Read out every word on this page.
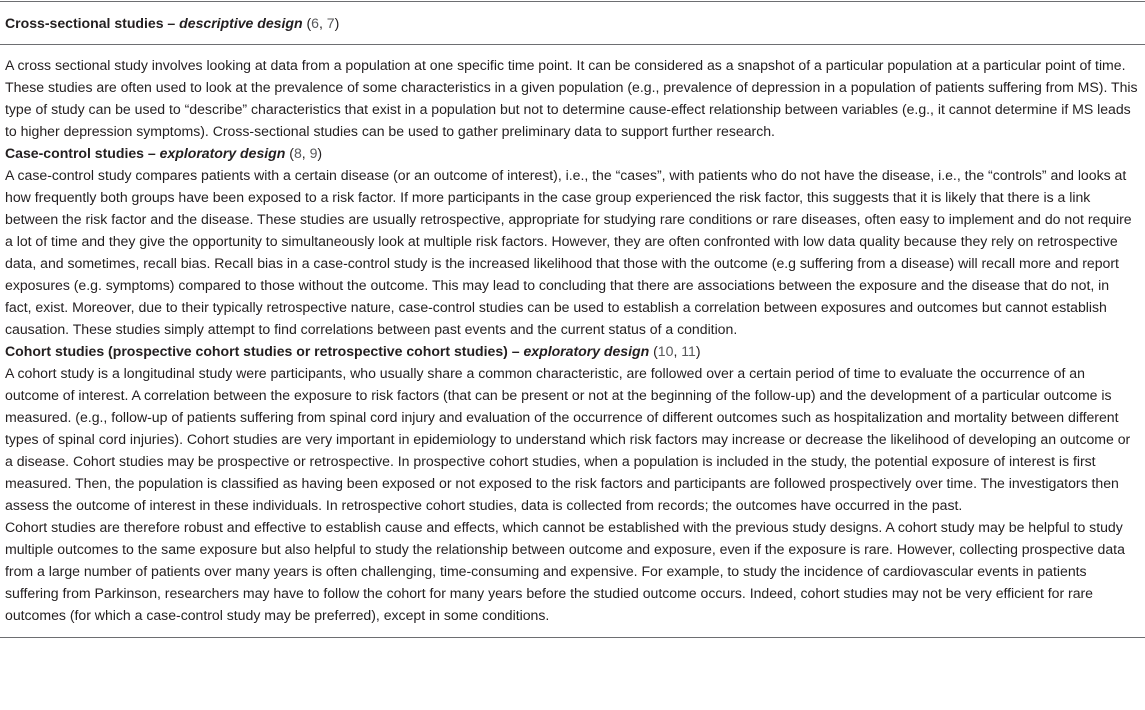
Cross-sectional studies – descriptive design (6, 7)

A cross sectional study involves looking at data from a population at one specific time point. It can be considered as a snapshot of a particular population at a particular point of time. These studies are often used to look at the prevalence of some characteristics in a given population (e.g., prevalence of depression in a population of patients suffering from MS). This type of study can be used to “describe” characteristics that exist in a population but not to determine cause-effect relationship between variables (e.g., it cannot determine if MS leads to higher depression symptoms). Cross-sectional studies can be used to gather preliminary data to support further research.

Case-control studies – exploratory design (8, 9)

A case-control study compares patients with a certain disease (or an outcome of interest), i.e., the “cases”, with patients who do not have the disease, i.e., the “controls” and looks at how frequently both groups have been exposed to a risk factor. If more participants in the case group experienced the risk factor, this suggests that it is likely that there is a link between the risk factor and the disease. These studies are usually retrospective, appropriate for studying rare conditions or rare diseases, often easy to implement and do not require a lot of time and they give the opportunity to simultaneously look at multiple risk factors. However, they are often confronted with low data quality because they rely on retrospective data, and sometimes, recall bias. Recall bias in a case-control study is the increased likelihood that those with the outcome (e.g suffering from a disease) will recall more and report exposures (e.g. symptoms) compared to those without the outcome. This may lead to concluding that there are associations between the exposure and the disease that do not, in fact, exist. Moreover, due to their typically retrospective nature, case-control studies can be used to establish a correlation between exposures and outcomes but cannot establish causation. These studies simply attempt to find correlations between past events and the current status of a condition.

Cohort studies (prospective cohort studies or retrospective cohort studies) – exploratory design (10, 11)

A cohort study is a longitudinal study were participants, who usually share a common characteristic, are followed over a certain period of time to evaluate the occurrence of an outcome of interest. A correlation between the exposure to risk factors (that can be present or not at the beginning of the follow-up) and the development of a particular outcome is measured. (e.g., follow-up of patients suffering from spinal cord injury and evaluation of the occurrence of different outcomes such as hospitalization and mortality between different types of spinal cord injuries). Cohort studies are very important in epidemiology to understand which risk factors may increase or decrease the likelihood of developing an outcome or a disease. Cohort studies may be prospective or retrospective. In prospective cohort studies, when a population is included in the study, the potential exposure of interest is first measured. Then, the population is classified as having been exposed or not exposed to the risk factors and participants are followed prospectively over time. The investigators then assess the outcome of interest in these individuals. In retrospective cohort studies, data is collected from records; the outcomes have occurred in the past.

Cohort studies are therefore robust and effective to establish cause and effects, which cannot be established with the previous study designs. A cohort study may be helpful to study multiple outcomes to the same exposure but also helpful to study the relationship between outcome and exposure, even if the exposure is rare. However, collecting prospective data from a large number of patients over many years is often challenging, time-consuming and expensive. For example, to study the incidence of cardiovascular events in patients suffering from Parkinson, researchers may have to follow the cohort for many years before the studied outcome occurs. Indeed, cohort studies may not be very efficient for rare outcomes (for which a case-control study may be preferred), except in some conditions.
